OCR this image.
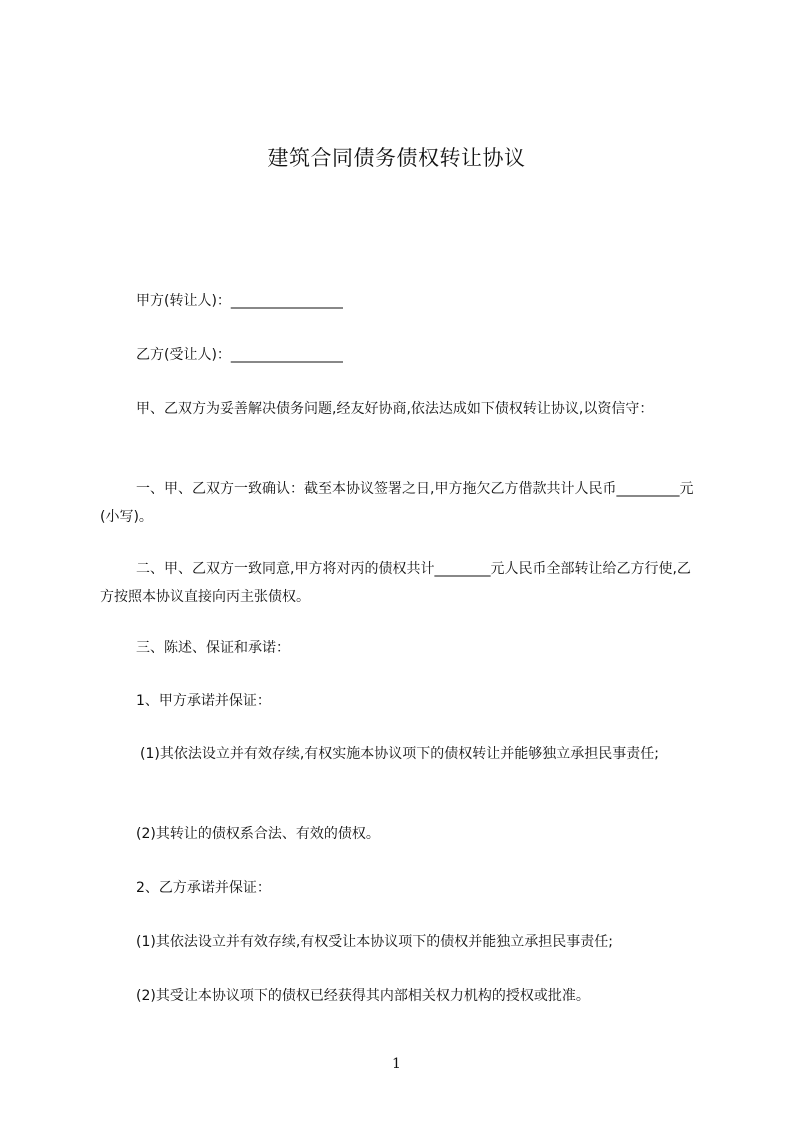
建筑合同债务债权转让协议
甲方(转让人)：________________
乙方(受让人)：________________
甲、乙双方为妥善解决债务问题,经友好协商,依法达成如下债权转让协议,以资信守：
一、甲、乙双方一致确认：截至本协议签署之日,甲方拖欠乙方借款共计人民币_________元(小写)。
二、甲、乙双方一致同意,甲方将对丙的债权共计________元人民币全部转让给乙方行使,乙方按照本协议直接向丙主张债权。
三、陈述、保证和承诺：
1、甲方承诺并保证：
(1)其依法设立并有效存续,有权实施本协议项下的债权转让并能够独立承担民事责任;
(2)其转让的债权系合法、有效的债权。
2、乙方承诺并保证：
(1)其依法设立并有效存续,有权受让本协议项下的债权并能独立承担民事责任;
(2)其受让本协议项下的债权已经获得其内部相关权力机构的授权或批准。
1
